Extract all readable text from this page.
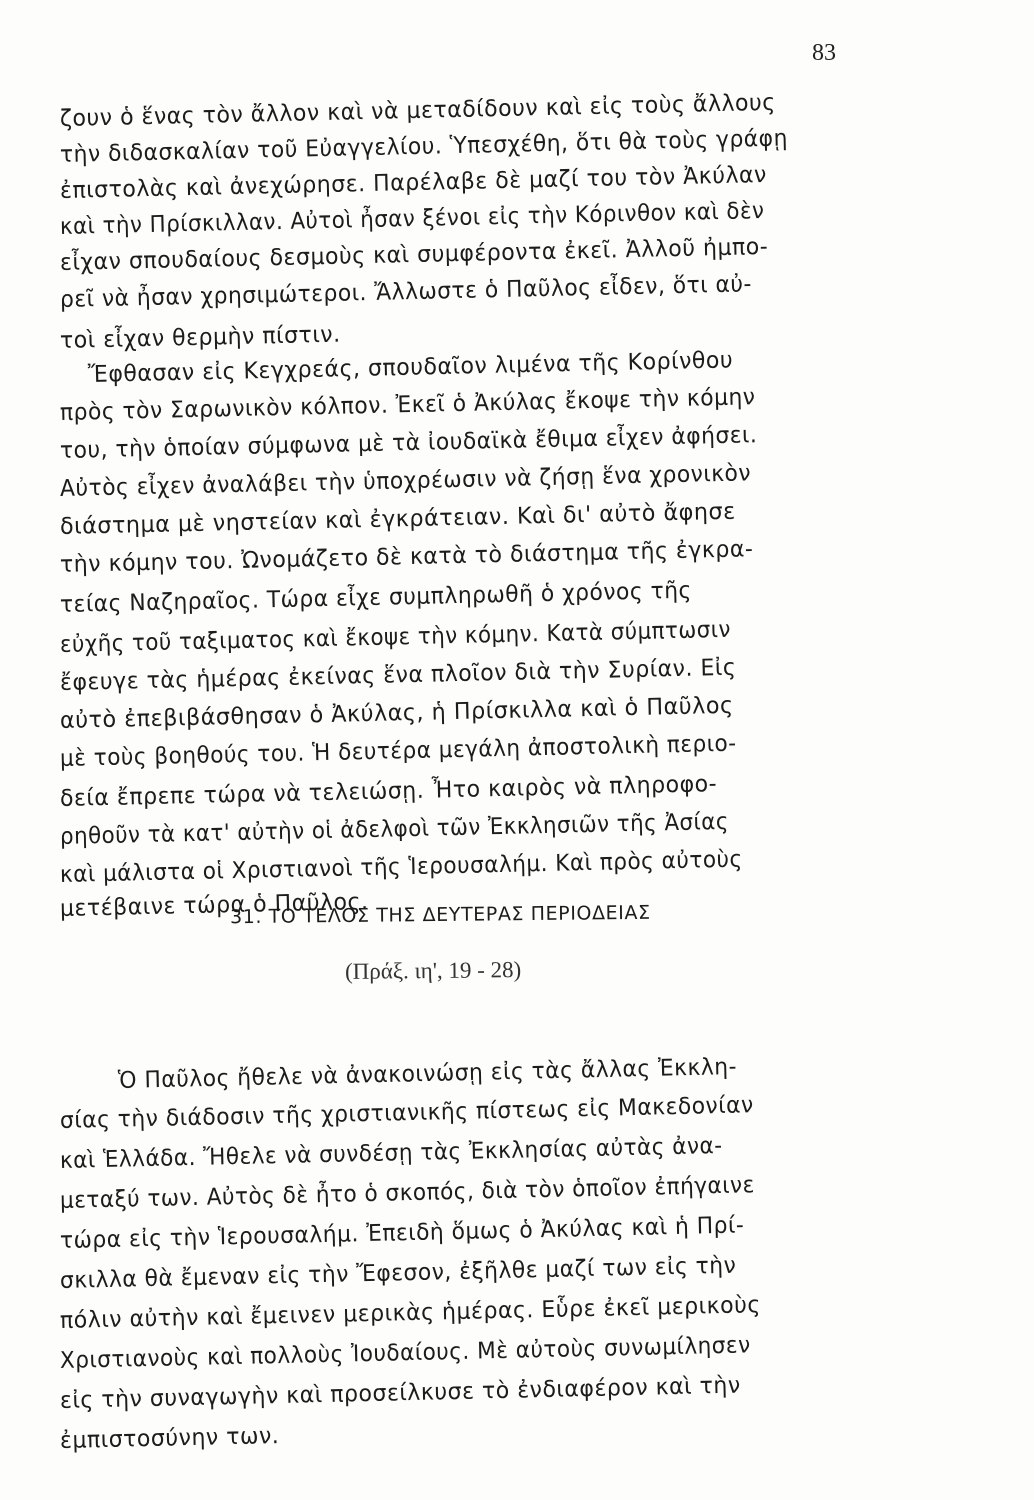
83
ζουν ὁ ἕνας τὸν ἄλλον καὶ νὰ μεταδίδουν καὶ εἰς τοὺς ἄλλους
τὴν διδασκαλίαν τοῦ Εὐαγγελίου. Ὑπεσχέθη, ὅτι θὰ τοὺς γράφῃ
ἐπιστολὰς καὶ ἀνεχώρησε. Παρέλαβε δὲ μαζί του τὸν Ἀκύλαν
καὶ τὴν Πρίσκιλλαν. Αὐτοὶ ἦσαν ξένοι εἰς τὴν Κόρινθον καὶ δὲν
εἶχαν σπουδαίους δεσμοὺς καὶ συμφέροντα ἐκεῖ. Ἀλλοῦ ἠμπο-
ρεῖ νὰ ἦσαν χρησιμώτεροι. Ἄλλωστε ὁ Παῦλος εἶδεν, ὅτι αὐ-
τοὶ εἶχαν θερμὴν πίστιν.
Ἔφθασαν εἰς Κεγχρεάς, σπουδαῖον λιμένα τῆς Κορίνθου
πρὸς τὸν Σαρωνικὸν κόλπον. Ἐκεῖ ὁ Ἀκύλας ἔκοψε τὴν κόμην
του, τὴν ὁποίαν σύμφωνα μὲ τὰ ἰουδαϊκὰ ἔθιμα εἶχεν ἀφήσει.
Αὐτὸς εἶχεν ἀναλάβει τὴν ὑποχρέωσιν νὰ ζήσῃ ἕνα χρονικὸν
διάστημα μὲ νηστείαν καὶ ἐγκράτειαν. Καὶ δι' αὐτὸ ἄφησε
τὴν κόμην του. Ὠνομάζετο δὲ κατὰ τὸ διάστημα τῆς ἐγκρα-
τείας Ναζηραῖος. Τώρα εἶχε συμπληρωθῆ ὁ χρόνος τῆς
εὐχῆς τοῦ ταξιματος καὶ ἔκοψε τὴν κόμην. Κατὰ σύμπτωσιν
ἔφευγε τὰς ἡμέρας ἐκείνας ἕνα πλοῖον διὰ τὴν Συρίαν. Εἰς
αὐτὸ ἐπεβιβάσθησαν ὁ Ἀκύλας, ἡ Πρίσκιλλα καὶ ὁ Παῦλος
μὲ τοὺς βοηθούς του. Ἡ δευτέρα μεγάλη ἀποστολικὴ περιο-
δεία ἔπρεπε τώρα νὰ τελειώσῃ. Ἦτο καιρὸς νὰ πληροφο-
ρηθοῦν τὰ κατ' αὐτὴν οἱ ἀδελφοὶ τῶν Ἐκκλησιῶν τῆς Ἀσίας
καὶ μάλιστα οἱ Χριστιανοὶ τῆς Ἱερουσαλήμ. Καὶ πρὸς αὐτοὺς
μετέβαινε τώρα ὁ Παῦλος.
31. ΤΟ ΤΕΛΟΣ ΤΗΣ ΔΕΥΤΕΡΑΣ ΠΕΡΙΟΔΕΙΑΣ
(Πράξ. ιη', 19 - 28)
Ὁ Παῦλος ἤθελε νὰ ἀνακοινώσῃ εἰς τὰς ἄλλας Ἐκκλη-
σίας τὴν διάδοσιν τῆς χριστιανικῆς πίστεως εἰς Μακεδονίαν
καὶ Ἑλλάδα. Ἤθελε νὰ συνδέσῃ τὰς Ἐκκλησίας αὐτὰς ἀνα-
μεταξύ των. Αὐτὸς δὲ ἦτο ὁ σκοπός, διὰ τὸν ὁποῖον ἐπήγαινε
τώρα εἰς τὴν Ἱερουσαλήμ. Ἐπειδὴ ὅμως ὁ Ἀκύλας καὶ ἡ Πρί-
σκιλλα θὰ ἔμεναν εἰς τὴν Ἔφεσον, ἐξῆλθε μαζί των εἰς τὴν
πόλιν αὐτὴν καὶ ἔμεινεν μερικὰς ἡμέρας. Εὗρε ἐκεῖ μερικοὺς
Χριστιανοὺς καὶ πολλοὺς Ἰουδαίους. Μὲ αὐτοὺς συνωμίλησεν
εἰς τὴν συναγωγὴν καὶ προσείλκυσε τὸ ἐνδιαφέρον καὶ τὴν
ἐμπιστοσύνην των.
